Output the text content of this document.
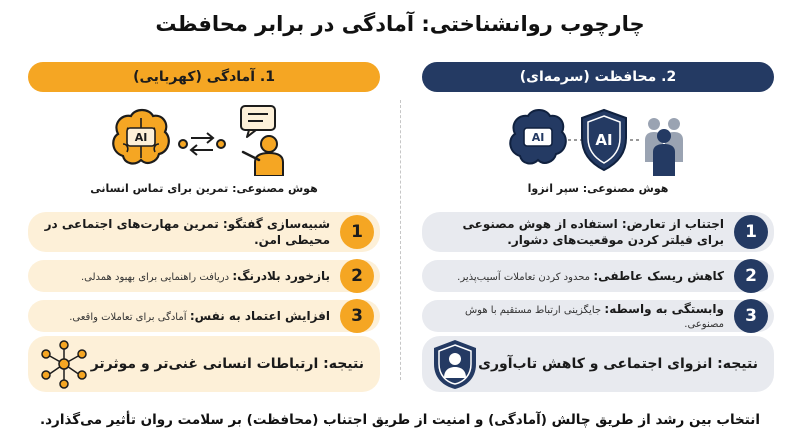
چارچوب روانشناختی: آمادگی در برابر محافظت
1. آمادگی (کهربایی)
AI
هوش مصنوعی: تمرین برای تماس انسانی
1
شبیه‌سازی گفتگو: تمرین مهارت‌های اجتماعی در محیطی امن.
2
بازخورد بلادرنگ: دریافت راهنمایی برای بهبود همدلی.
3
افزایش اعتماد به نفس: آمادگی برای تعاملات واقعی.
نتیجه: ارتباطات انسانی غنی‌تر و موثرتر
2. محافظت (سرمه‌ای)
AI	AI
هوش مصنوعی: سپر انزوا
1
اجتناب از تعارض: استفاده از هوش مصنوعی برای فیلتر کردن موقعیت‌های دشوار.
2
کاهش ریسک عاطفی: محدود کردن تعاملات آسیب‌پذیر.
3
وابستگی به واسطه: جایگزینی ارتباط مستقیم با هوش مصنوعی.
نتیجه: انزوای اجتماعی و کاهش تاب‌آوری
انتخاب بین رشد از طریق چالش (آمادگی) و امنیت از طریق اجتناب (محافظت) بر سلامت روان تأثیر می‌گذارد.
